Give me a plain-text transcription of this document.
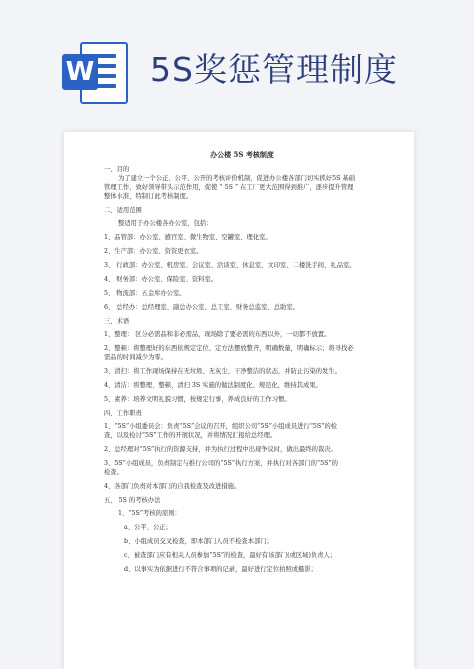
W 5S奖惩管理制度
办公楼 5S 考核制度
一、目的
为了建立一个公正、公平、公开的考核评价机制，促进办公楼各部门切实抓好5S 基础
管理工作，致好领导带头示范作用，促使 “ 5S ” 在工厂更大范围得到推广，逐步提升管理
整体水准，特制订此考核制度。
二、适用范围
整适用于办公楼各办公室，包括：
1、品管部：办公室、感官室、微生物室、空罐室、理化室。
2、生产部：办公室、资资更衣室。
3、 行政部：办公室、机房室、会议室、洽谈室、休息室、文印室、二楼洗手间、礼品室。
4、 财务部：办公室、保险室、资料室。
5、 物流部：五金库办公室。
6、 总经办：总经理室、副总办公室、总工室、财务总监室、总助室。
三、术语
1、整理： 区分必需品和非必需品，现场除了要必需的东西以外，一切都不放置。
2、整顿：将整理好的东西依规定定位、定方法摆放整齐，明确数量，明确标示；将寻找必
需品的时间减少为零。
3、清扫：将工作现场保持在无垃圾、无灰尘、干净整洁的状态，并防止污染的发生。
4、清洁：将整理、整顿、清扫 3S 实施的做法制度化、规范化，维持其成果。
5、素养：培养文明礼貌习惯，按规定行事，养成良好的工作习惯。
四、工作职责
1、“5S”小组委员会：负责“5S”会议的召开，组织公司“5S”小组成员进行“5S”的检
查，以及检讨“5S”工作的开展状况，并将情况汇报给总经理。
2、总经理对“5S”执行的资源支持，并为执行过程中出现争议时，做出最终的裁决。
3、5S”小组成员，负责制定与推行公司的“5S”执行方案，并执行对各部门的“5S”的
检查。
4、各部门负责对本部门的自我检查及改进措施。
五、 5S 的考核办法
1、“5S”考核的原则：
a、公平、公正；
b、小组成员交叉检查，即本部门人员不检查本部门；
c、被查部门应有相关人员参加“5S”的检查，最好有该部门(或区域)负责人；
d、以事实为依据进行不符合事项的记录，最好进行定位拍照或摄影；
